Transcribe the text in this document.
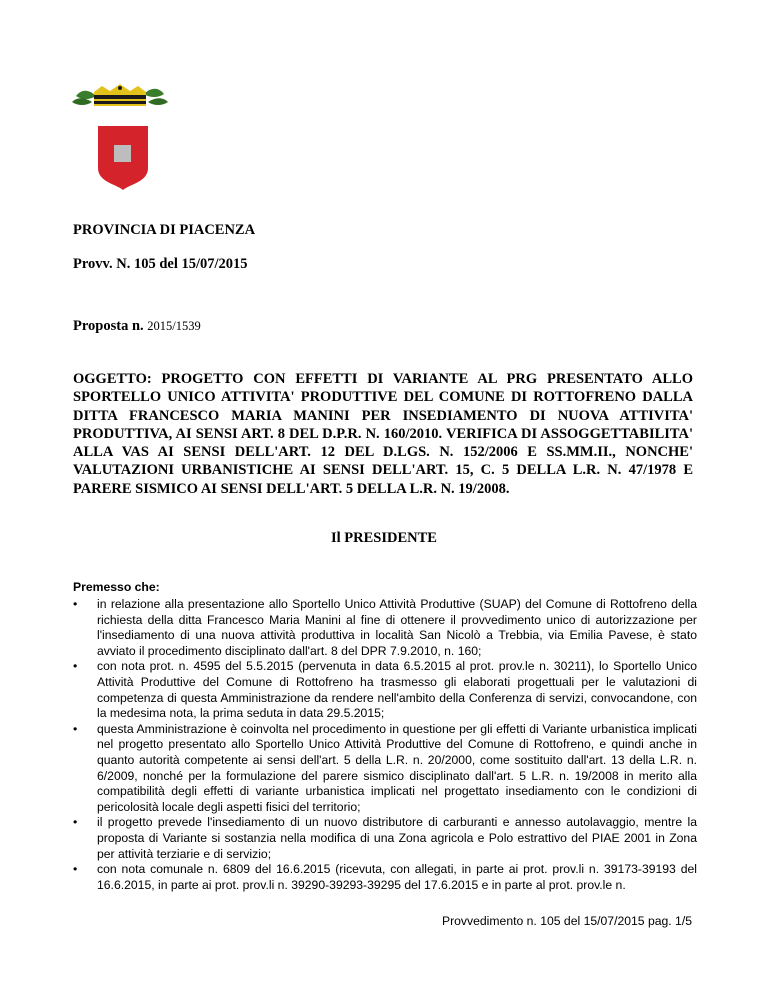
PROVINCIA DI PIACENZA
Provv. N. 105 del 15/07/2015
Proposta n. 2015/1539

OGGETTO: PROGETTO CON EFFETTI DI VARIANTE AL PRG PRESENTATO ALLO SPORTELLO UNICO ATTIVITA' PRODUTTIVE DEL COMUNE DI ROTTOFRENO DALLA DITTA FRANCESCO MARIA MANINI PER INSEDIAMENTO DI NUOVA ATTIVITA' PRODUTTIVA, AI SENSI ART. 8 DEL D.P.R. N. 160/2010. VERIFICA DI ASSOGGETTABILITA' ALLA VAS AI SENSI DELL'ART. 12 DEL D.LGS. N. 152/2006 E SS.MM.II., NONCHE' VALUTAZIONI URBANISTICHE AI SENSI DELL'ART. 15, C. 5 DELLA L.R. N. 47/1978 E PARERE SISMICO AI SENSI DELL'ART. 5 DELLA L.R. N. 19/2008.

Il PRESIDENTE
Premesso che:
• in relazione alla presentazione allo Sportello Unico Attività Produttive (SUAP) del Comune di Rottofreno della richiesta della ditta Francesco Maria Manini al fine di ottenere il provvedimento unico di autorizzazione per l'insediamento di una nuova attività produttiva in località San Nicolò a Trebbia, via Emilia Pavese, è stato avviato il procedimento disciplinato dall'art. 8 del DPR 7.9.2010, n. 160;
• con nota prot. n. 4595 del 5.5.2015 (pervenuta in data 6.5.2015 al prot. prov.le n. 30211), lo Sportello Unico Attività Produttive del Comune di Rottofreno ha trasmesso gli elaborati progettuali per le valutazioni di competenza di questa Amministrazione da rendere nell'ambito della Conferenza di servizi, convocandone, con la medesima nota, la prima seduta in data 29.5.2015;
• questa Amministrazione è coinvolta nel procedimento in questione per gli effetti di Variante urbanistica implicati nel progetto presentato allo Sportello Unico Attività Produttive del Comune di Rottofreno, e quindi anche in quanto autorità competente ai sensi dell'art. 5 della L.R. n. 20/2000, come sostituito dall'art. 13 della L.R. n. 6/2009, nonché per la formulazione del parere sismico disciplinato dall'art. 5 L.R. n. 19/2008 in merito alla compatibilità degli effetti di variante urbanistica implicati nel progettato insediamento con le condizioni di pericolosità locale degli aspetti fisici del territorio;
• il progetto prevede l'insediamento di un nuovo distributore di carburanti e annesso autolavaggio, mentre la proposta di Variante si sostanzia nella modifica di una Zona agricola e Polo estrattivo del PIAE 2001 in Zona per attività terziarie e di servizio;
• con nota comunale n. 6809 del 16.6.2015 (ricevuta, con allegati, in parte ai prot. prov.li n. 39173-39193 del 16.6.2015, in parte ai prot. prov.li n. 39290-39293-39295 del 17.6.2015 e in parte al prot. prov.le n.
Provvedimento n. 105 del 15/07/2015 pag. 1/5
